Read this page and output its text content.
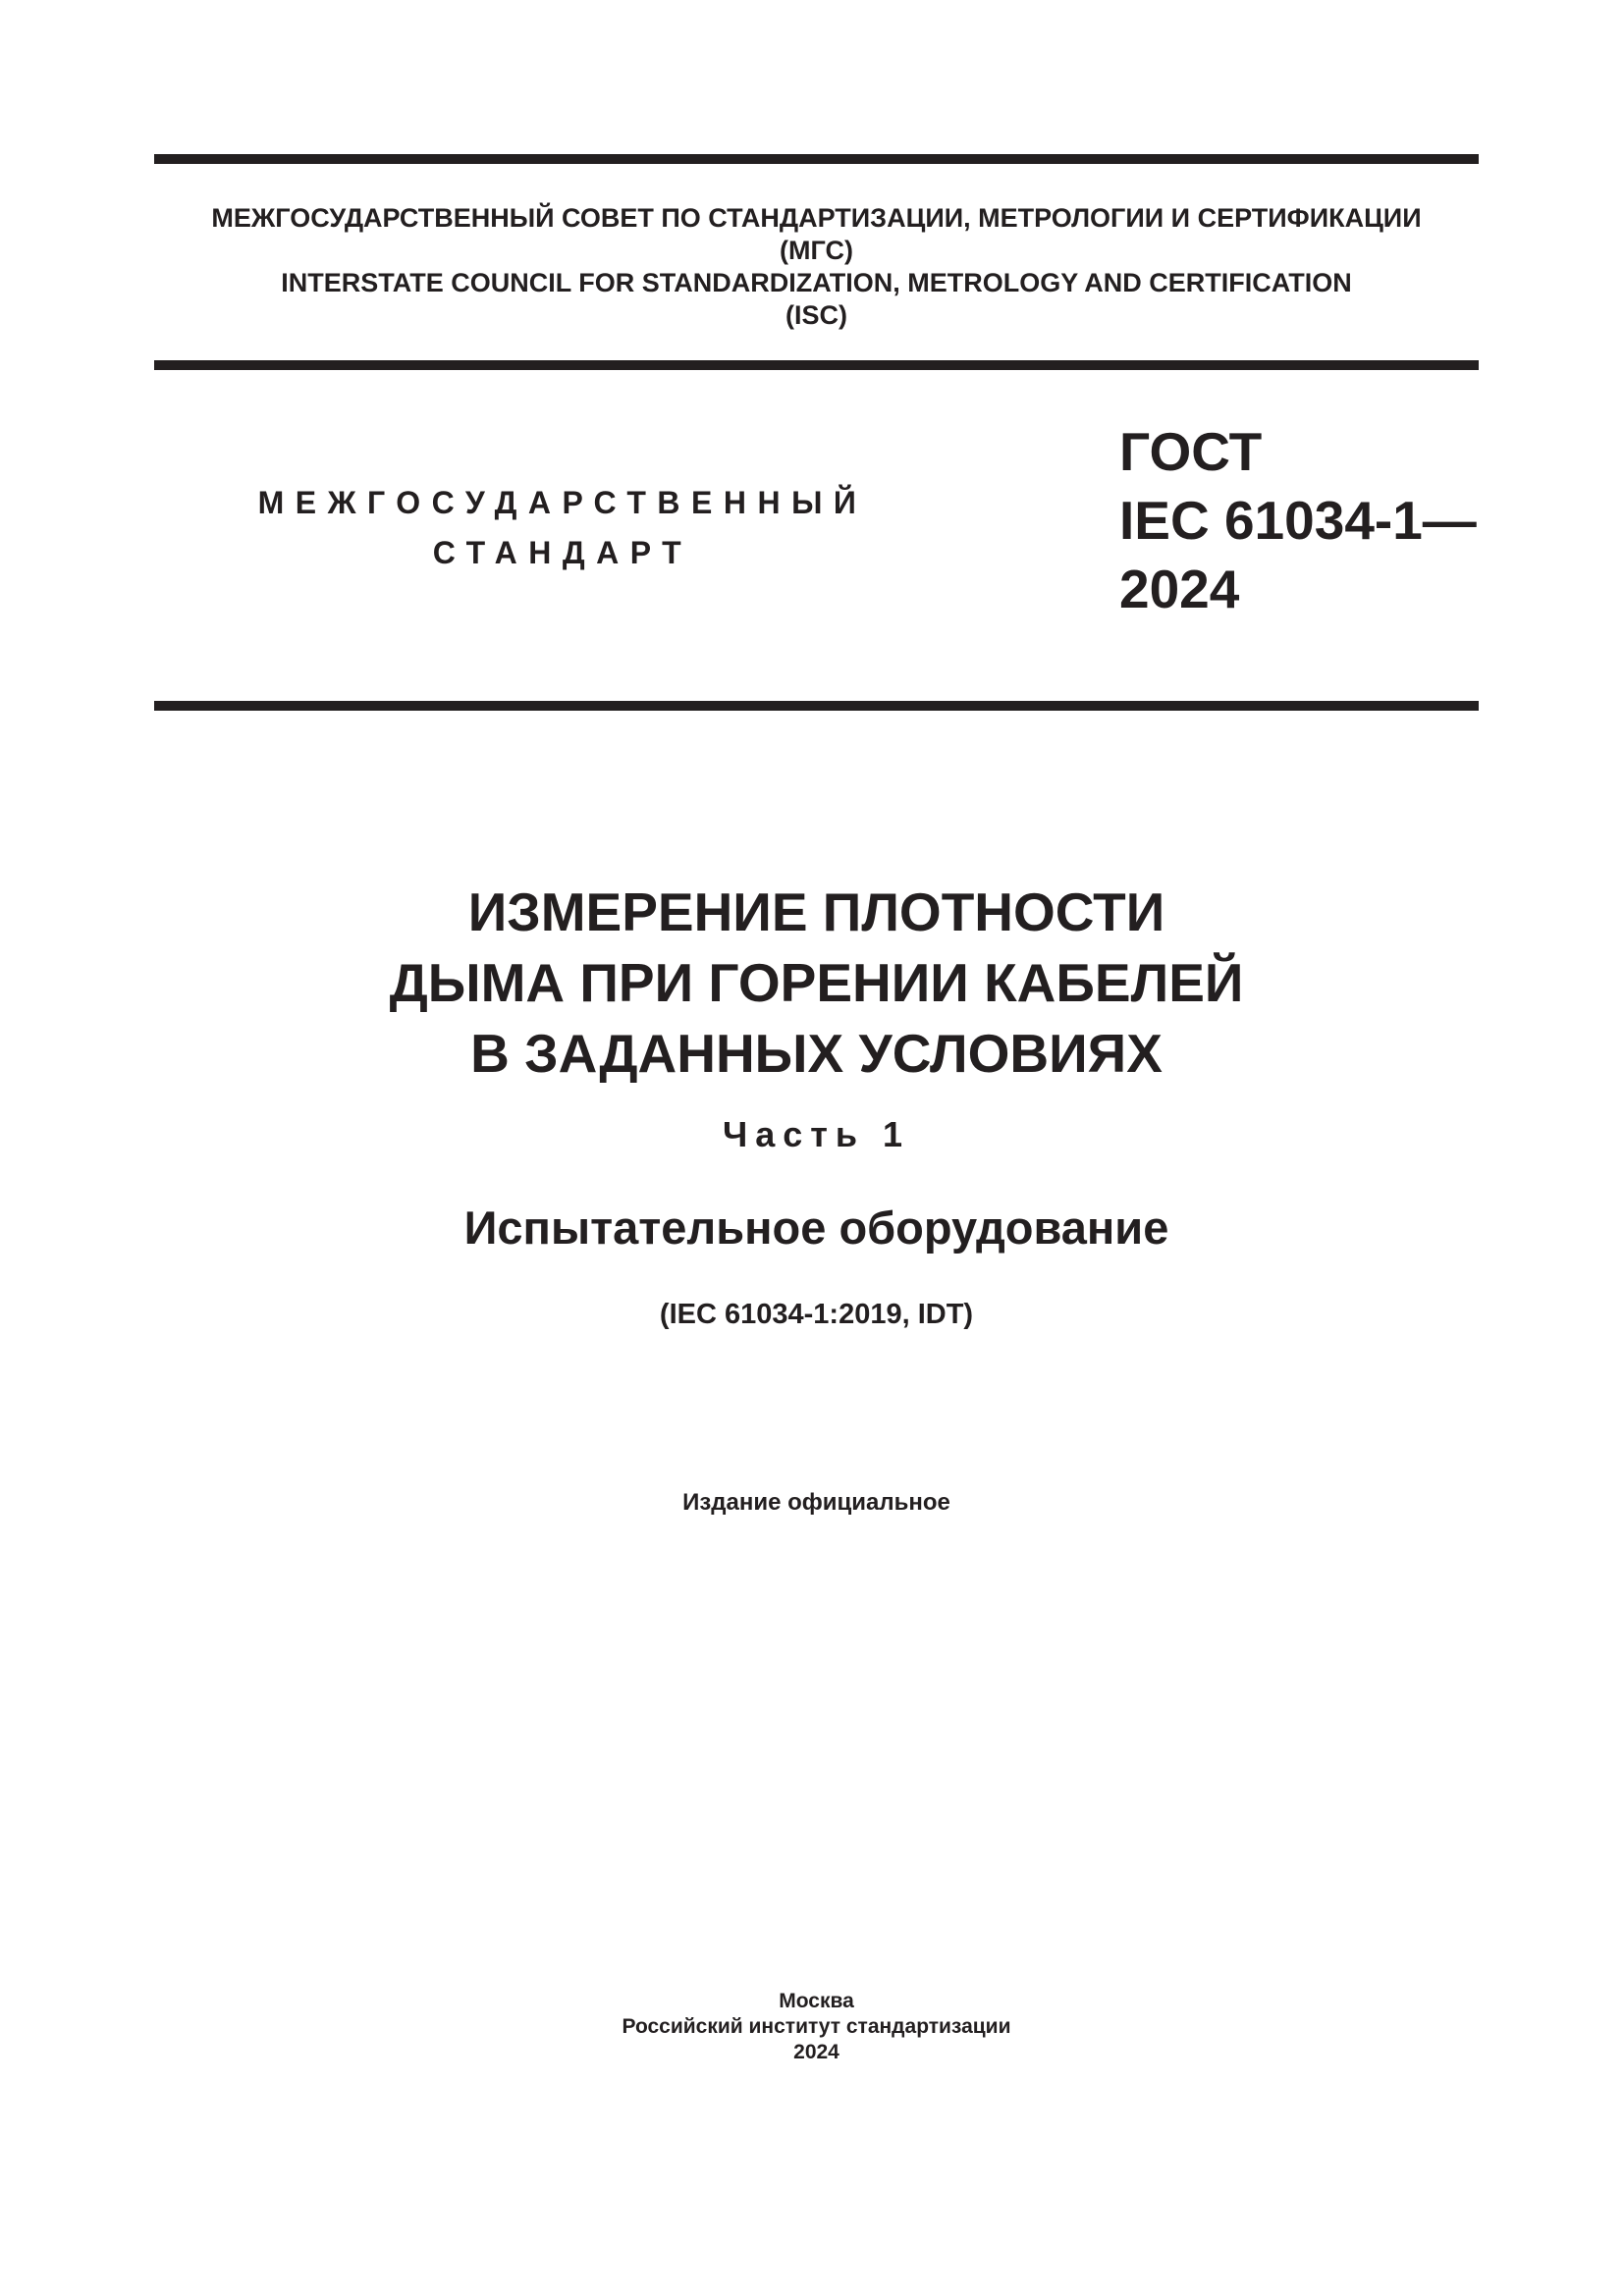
МЕЖГОСУДАРСТВЕННЫЙ СОВЕТ ПО СТАНДАРТИЗАЦИИ, МЕТРОЛОГИИ И СЕРТИФИКАЦИИ
(МГС)
INTERSTATE COUNCIL FOR STANDARDIZATION, METROLOGY AND CERTIFICATION
(ISC)
МЕЖГОСУДАРСТВЕННЫЙ
СТАНДАРТ
ГОСТ
IEC 61034-1—
2024
ИЗМЕРЕНИЕ ПЛОТНОСТИ
ДЫМА ПРИ ГОРЕНИИ КАБЕЛЕЙ
В ЗАДАННЫХ УСЛОВИЯХ
Часть 1
Испытательное оборудование
(IEC 61034-1:2019, IDT)
Издание официальное
Москва
Российский институт стандартизации
2024
